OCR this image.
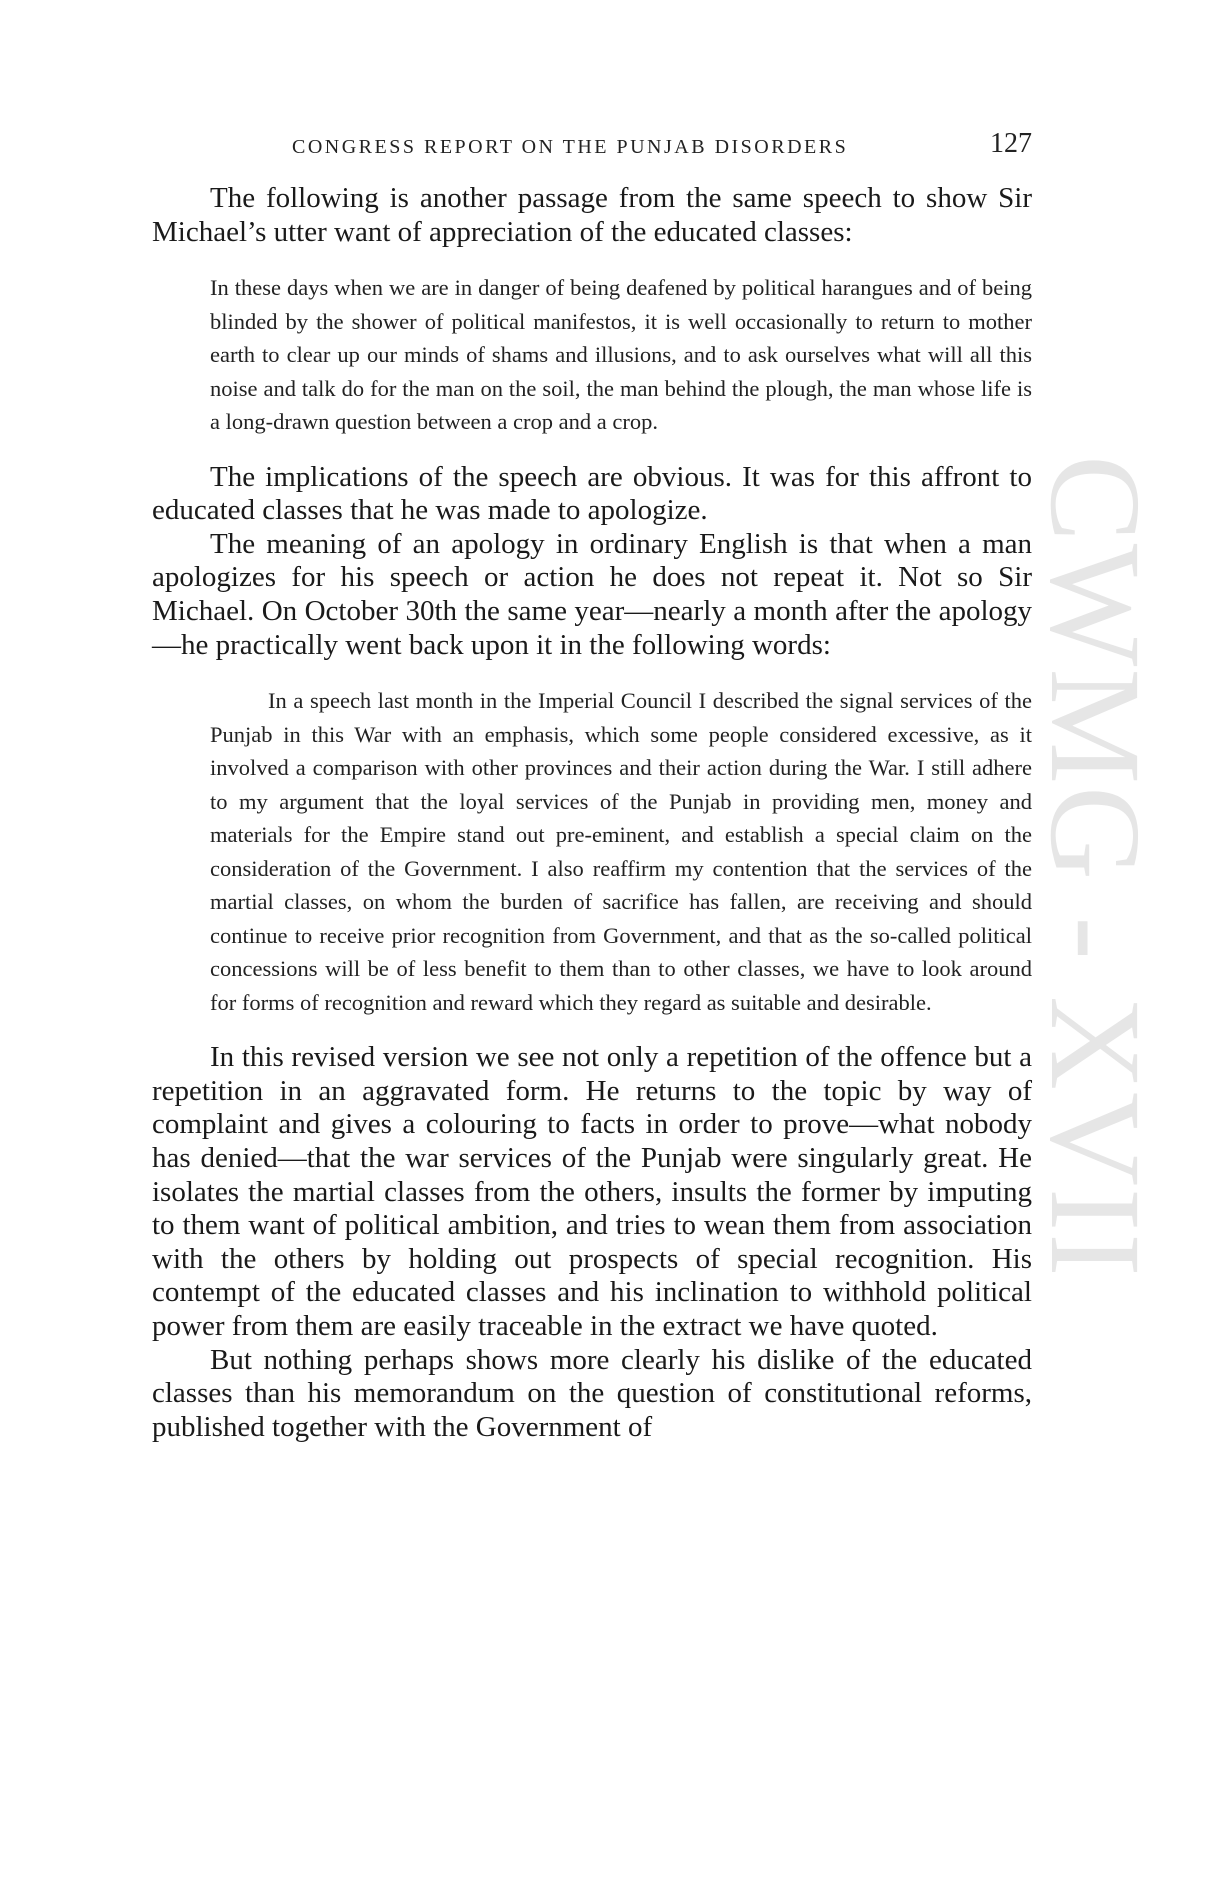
CWMG - XVII
CONGRESS REPORT ON THE PUNJAB DISORDERS	127

The following is another passage from the same speech to show Sir Michael’s utter want of appreciation of the educated classes:

In these days when we are in danger of being deafened by political harangues and of being blinded by the shower of political manifestos, it is well occasionally to return to mother earth to clear up our minds of shams and illusions, and to ask ourselves what will all this noise and talk do for the man on the soil, the man behind the plough, the man whose life is a long-drawn question between a crop and a crop.

The implications of the speech are obvious. It was for this affront to educated classes that he was made to apologize.

The meaning of an apology in ordinary English is that when a man apologizes for his speech or action he does not repeat it. Not so Sir Michael. On October 30th the same year—nearly a month after the apology—he practically went back upon it in the following words:

In a speech last month in the Imperial Council I described the signal services of the Punjab in this War with an emphasis, which some people considered excessive, as it involved a comparison with other provinces and their action during the War. I still adhere to my argument that the loyal services of the Punjab in providing men, money and materials for the Empire stand out pre-eminent, and establish a special claim on the consideration of the Government. I also reaffirm my contention that the services of the martial classes, on whom the burden of sacrifice has fallen, are receiving and should continue to receive prior recognition from Government, and that as the so-called political concessions will be of less benefit to them than to other classes, we have to look around for forms of recognition and reward which they regard as suitable and desirable.

In this revised version we see not only a repetition of the offence but a repetition in an aggravated form. He returns to the topic by way of complaint and gives a colouring to facts in order to prove—what nobody has denied—that the war services of the Punjab were singularly great. He isolates the martial classes from the others, insults the former by imputing to them want of political ambition, and tries to wean them from association with the others by holding out prospects of special recognition. His contempt of the educated classes and his inclination to withhold political power from them are easily traceable in the extract we have quoted.

But nothing perhaps shows more clearly his dislike of the educated classes than his memorandum on the question of constitutional reforms, published together with the Government of
